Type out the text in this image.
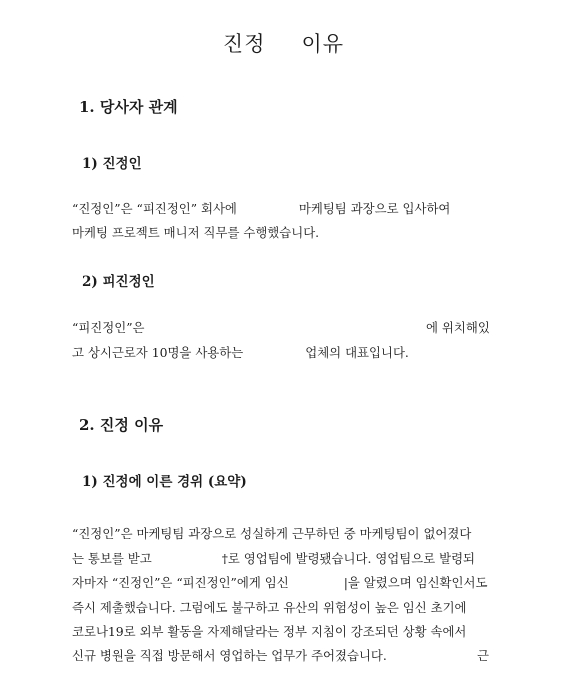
진정 이유
1. 당사자 관계
1) 진정인
“진정인”은 “피진정인” 회사에	마케팅팀 과장으로 입사하여
마케팅 프로젝트 매니저 직무를 수행했습니다.
2) 피진정인
“피진정인”은	에 위치해있
고 상시근로자 10명을 사용하는	업체의 대표입니다.
2. 진정 이유
1) 진정에 이른 경위 (요약)
“진정인”은 마케팅팀 과장으로 성실하게 근무하던 중 마케팅팀이 없어졌다
는 통보를 받고	†로 영업팀에 발령됐습니다. 영업팀으로 발령되
자마자 “진정인”은 “피진정인”에게 임신	|을 알렸으며 임신확인서도
즉시 제출했습니다. 그럼에도 불구하고 유산의 위험성이 높은 임신 초기에
코로나19로 외부 활동을 자제해달라는 정부 지침이 강조되던 상황 속에서
신규 병원을 직접 방문해서 영업하는 업무가 주어졌습니다.	근
